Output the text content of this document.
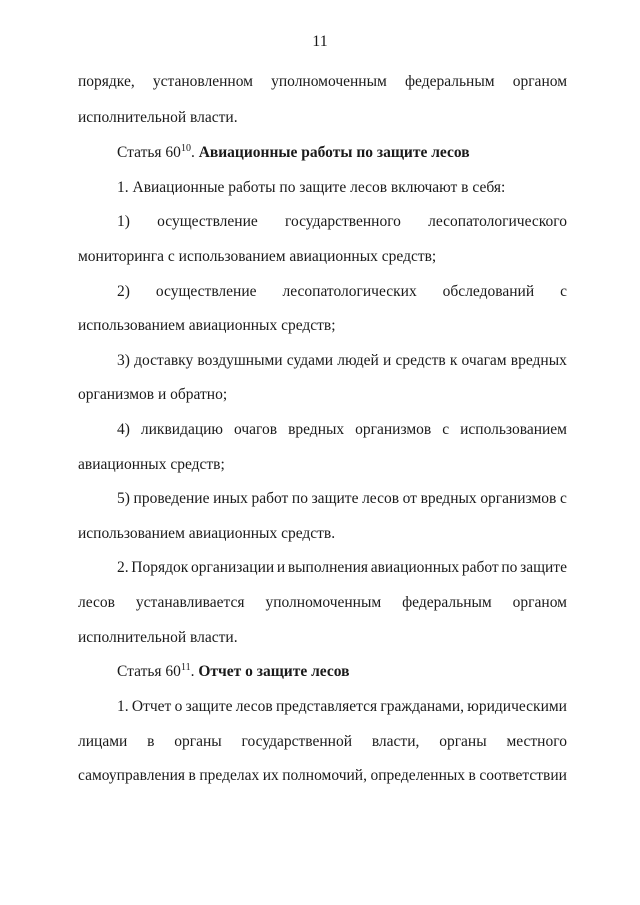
11
порядке, установленном уполномоченным федеральным органом
исполнительной власти.
Статья $60^{10}$. Авиационные работы по защите лесов
1. Авиационные работы по защите лесов включают в себя:
1) осуществление государственного лесопатологического
мониторинга с использованием авиационных средств;
2) осуществление лесопатологических обследований с
использованием авиационных средств;
3) доставку воздушными судами людей и средств к очагам вредных
организмов и обратно;
4) ликвидацию очагов вредных организмов с использованием
авиационных средств;
5) проведение иных работ по защите лесов от вредных организмов с
использованием авиационных средств.
2. Порядок организации и выполнения авиационных работ по защите
лесов устанавливается уполномоченным федеральным органом
исполнительной власти.
Статья $60^{11}$. Отчет о защите лесов
1. Отчет о защите лесов представляется гражданами, юридическими
лицами в органы государственной власти, органы местного
самоуправления в пределах их полномочий, определенных в соответствии
